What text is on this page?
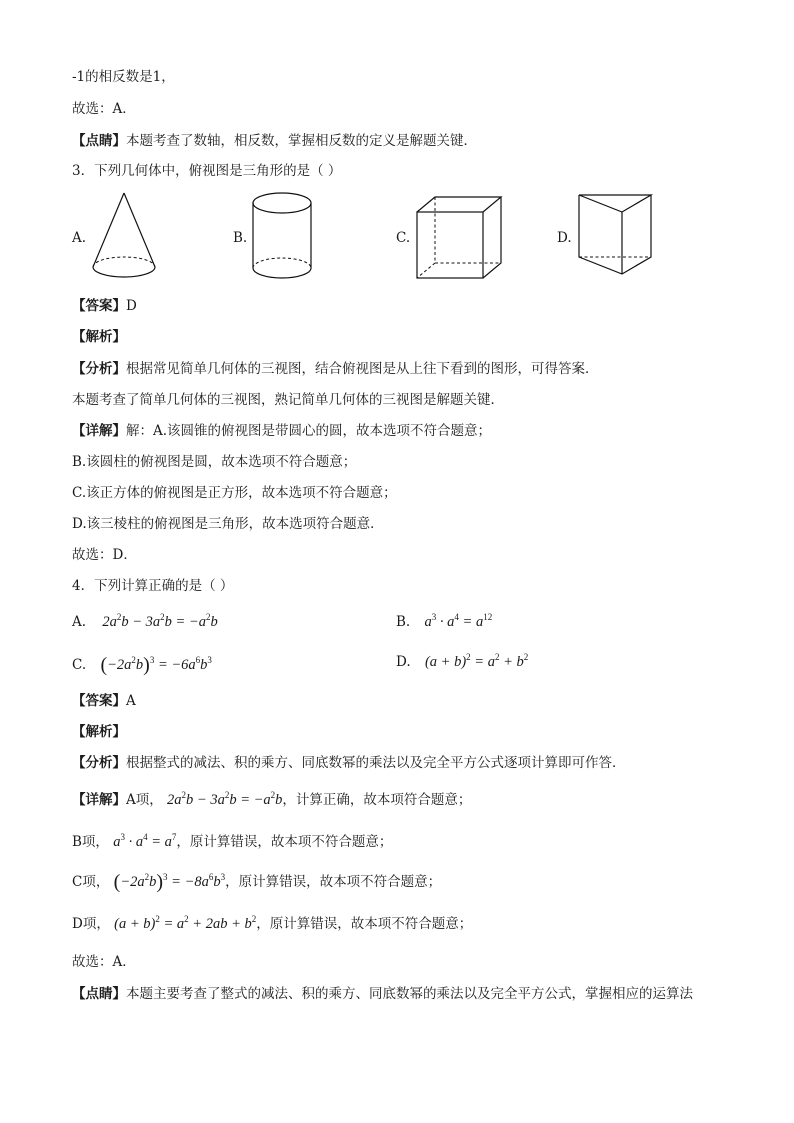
-1的相反数是1，
故选：A．
【点睛】本题考查了数轴，相反数，掌握相反数的定义是解题关键．
3．下列几何体中，俯视图是三角形的是（ ）
A.	B.	C.	D.
【答案】D
【解析】
【分析】根据常见简单几何体的三视图，结合俯视图是从上往下看到的图形，可得答案．
本题考查了简单几何体的三视图，熟记简单几何体的三视图是解题关键．
【详解】解：A.该圆锥的俯视图是带圆心的圆，故本选项不符合题意；
B.该圆柱的俯视图是圆，故本选项不符合题意；
C.该正方体的俯视图是正方形，故本选项不符合题意；
D.该三棱柱的俯视图是三角形，故本选项符合题意．
故选：D．
4．下列计算正确的是（ ）
A. $2a^2b - 3a^2b = -a^2b$	B. $a^3 \cdot a^4 = a^{12}$
C. $(-2a^2b)^3 = -6a^6b^3$	D. $(a + b)^2 = a^2 + b^2$
【答案】A
【解析】
【分析】根据整式的减法、积的乘方、同底数幂的乘法以及完全平方公式逐项计算即可作答．
【详解】A项， $2a^2b - 3a^2b = -a^2b$，计算正确，故本项符合题意；
B项， $a^3 \cdot a^4 = a^7$，原计算错误，故本项不符合题意；
C项， $(-2a^2b)^3 = -8a^6b^3$，原计算错误，故本项不符合题意；
D项， $(a + b)^2 = a^2 + 2ab + b^2$，原计算错误，故本项不符合题意；
故选：A．
【点睛】本题主要考查了整式的减法、积的乘方、同底数幂的乘法以及完全平方公式，掌握相应的运算法
